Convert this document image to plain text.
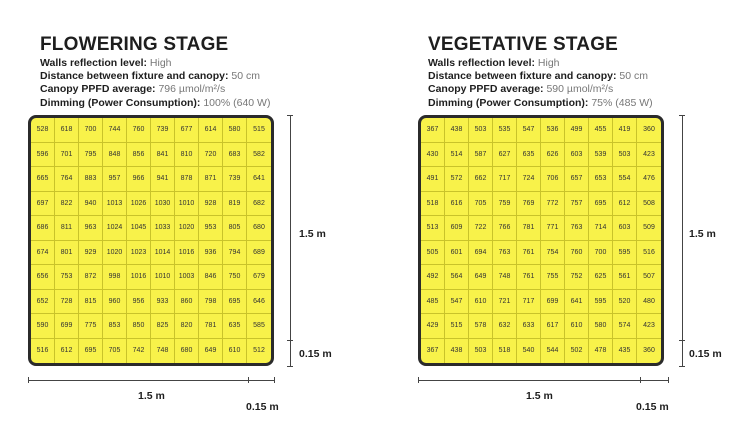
FLOWERING STAGE
Walls reflection level: High
Distance between fixture and canopy: 50 cm
Canopy PPFD average: 796 µmol/m²/s
Dimming (Power Consumption): 100% (640 W)
528	618	700	744	760	739	677	614	580	515
596	701	795	848	856	841	810	720	683	582
665	764	883	957	966	941	878	871	739	641
697	822	940	1013	1026	1030	1010	928	819	682
686	811	963	1024	1045	1033	1020	953	805	680
674	801	929	1020	1023	1014	1016	936	794	689
656	753	872	998	1016	1010	1003	846	750	679
652	728	815	960	956	933	860	798	695	646
590	699	775	853	850	825	820	781	635	585
516	612	695	705	742	748	680	649	610	512
1.5 m
0.15 m
1.5 m
0.15 m
VEGETATIVE STAGE
Walls reflection level: High
Distance between fixture and canopy: 50 cm
Canopy PPFD average: 590 µmol/m²/s
Dimming (Power Consumption): 75% (485 W)
367	438	503	535	547	536	499	455	419	360
430	514	587	627	635	626	603	539	503	423
491	572	662	717	724	706	657	653	554	476
518	616	705	759	769	772	757	695	612	508
513	609	722	766	781	771	763	714	603	509
505	601	694	763	761	754	760	700	595	516
492	564	649	748	761	755	752	625	561	507
485	547	610	721	717	699	641	595	520	480
429	515	578	632	633	617	610	580	574	423
367	438	503	518	540	544	502	478	435	360
1.5 m
0.15 m
1.5 m
0.15 m
